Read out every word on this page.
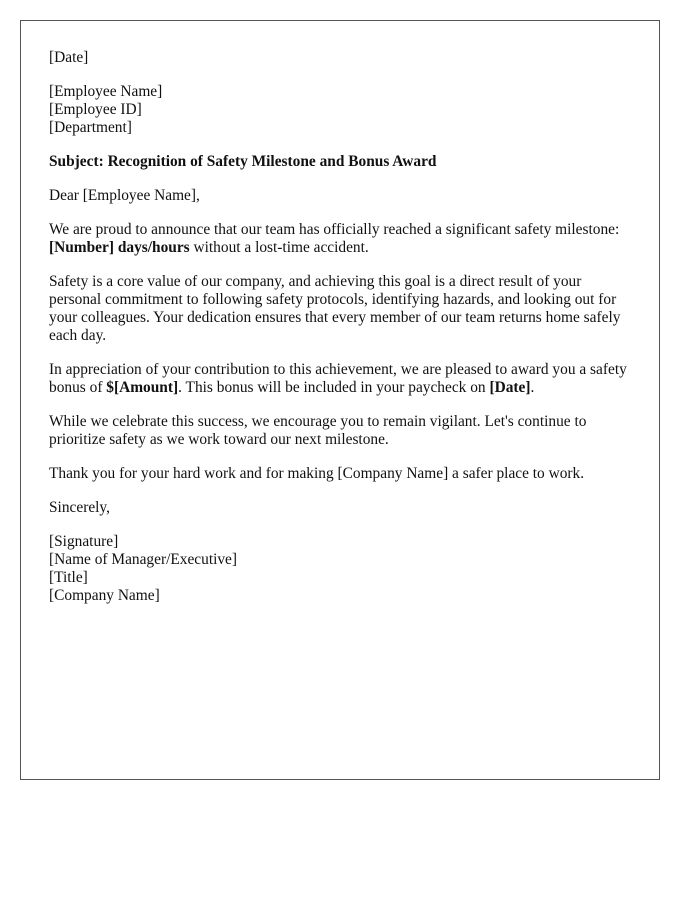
[Date]

[Employee Name]
[Employee ID]
[Department]

Subject: Recognition of Safety Milestone and Bonus Award

Dear [Employee Name],

We are proud to announce that our team has officially reached a significant safety milestone: [Number] days/hours without a lost-time accident.

Safety is a core value of our company, and achieving this goal is a direct result of your personal commitment to following safety protocols, identifying hazards, and looking out for your colleagues. Your dedication ensures that every member of our team returns home safely each day.

In appreciation of your contribution to this achievement, we are pleased to award you a safety bonus of $[Amount]. This bonus will be included in your paycheck on [Date].

While we celebrate this success, we encourage you to remain vigilant. Let's continue to prioritize safety as we work toward our next milestone.

Thank you for your hard work and for making [Company Name] a safer place to work.

Sincerely,

[Signature]
[Name of Manager/Executive]
[Title]
[Company Name]
